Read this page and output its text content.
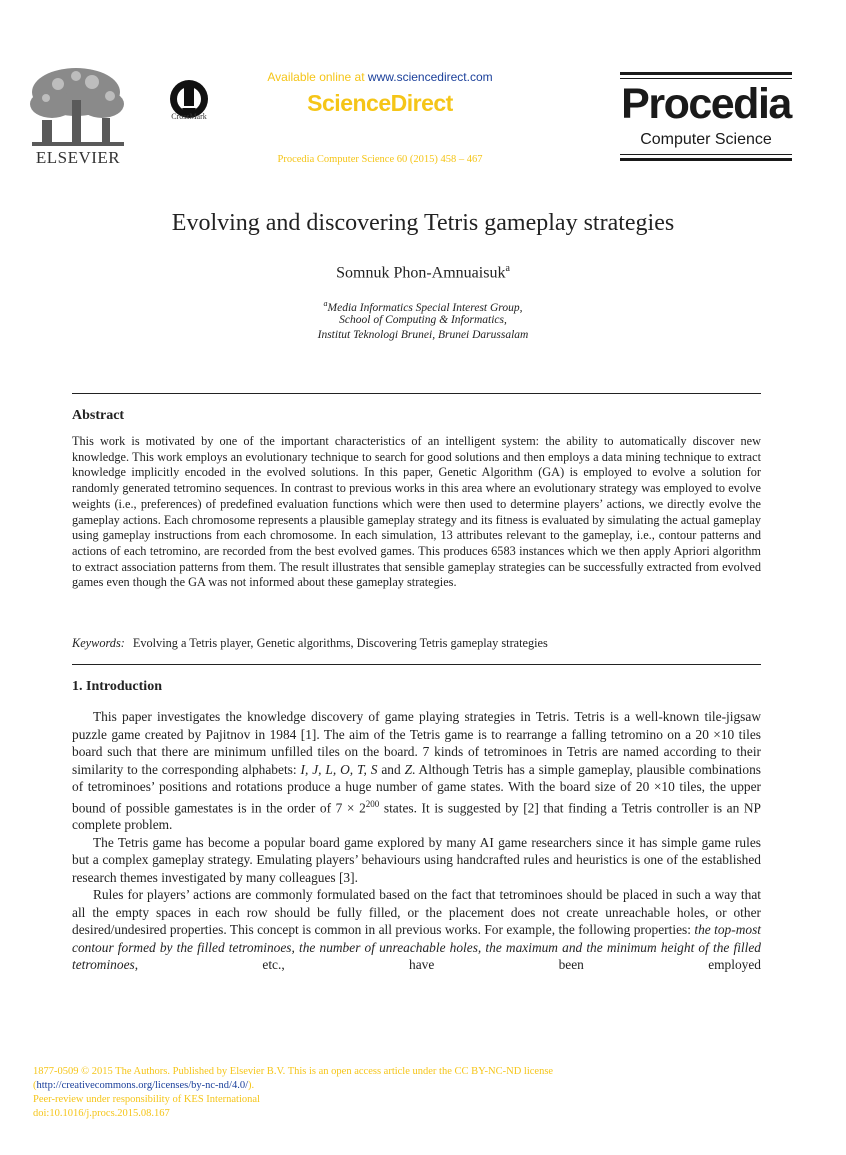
ELSEVIER
CrossMark
Available online at www.sciencedirect.com
ScienceDirect
Procedia Computer Science 60 (2015) 458 – 467
Procedia
Computer Science
Evolving and discovering Tetris gameplay strategies
Somnuk Phon-Amnuaisuk$^a$
$^a$Media Informatics Special Interest Group,
School of Computing & Informatics,
Institut Teknologi Brunei, Brunei Darussalam
Abstract

This work is motivated by one of the important characteristics of an intelligent system: the ability to automatically discover new knowledge. This work employs an evolutionary technique to search for good solutions and then employs a data mining technique to extract knowledge implicitly encoded in the evolved solutions. In this paper, Genetic Algorithm (GA) is employed to evolve a solution for randomly generated tetromino sequences. In contrast to previous works in this area where an evolutionary strategy was employed to evolve weights (i.e., preferences) of predefined evaluation functions which were then used to determine players’ actions, we directly evolve the gameplay actions. Each chromosome represents a plausible gameplay strategy and its fitness is evaluated by simulating the actual gameplay using gameplay instructions from each chromosome. In each simulation, 13 attributes relevant to the gameplay, i.e., contour patterns and actions of each tetromino, are recorded from the best evolved games. This produces 6583 instances which we then apply Apriori algorithm to extract association patterns from them. The result illustrates that sensible gameplay strategies can be successfully extracted from evolved games even though the GA was not informed about these gameplay strategies.

Keywords: Evolving a Tetris player, Genetic algorithms, Discovering Tetris gameplay strategies
1. Introduction

This paper investigates the knowledge discovery of game playing strategies in Tetris. Tetris is a well-known tile-jigsaw puzzle game created by Pajitnov in 1984 [1]. The aim of the Tetris game is to rearrange a falling tetromino on a 20 ×10 tiles board such that there are minimum unfilled tiles on the board. 7 kinds of tetrominoes in Tetris are named according to their similarity to the corresponding alphabets: I, J, L, O, T, S and Z. Although Tetris has a simple gameplay, plausible combinations of tetrominoes’ positions and rotations produce a huge number of game states. With the board size of 20 ×10 tiles, the upper bound of possible gamestates is in the order of $7 \times 2^{200}$ states. It is suggested by [2] that finding a Tetris controller is an NP complete problem.

The Tetris game has become a popular board game explored by many AI game researchers since it has simple game rules but a complex gameplay strategy. Emulating players’ behaviours using handcrafted rules and heuristics is one of the established research themes investigated by many colleagues [3].

Rules for players’ actions are commonly formulated based on the fact that tetrominoes should be placed in such a way that all the empty spaces in each row should be fully filled, or the placement does not create unreachable holes, or other desired/undesired properties. This concept is common in all previous works. For example, the following properties: the top-most contour formed by the filled tetrominoes, the number of unreachable holes, the maximum and the minimum height of the filled tetrominoes, etc., have been employed

1877-0509 © 2015 The Authors. Published by Elsevier B.V. This is an open access article under the CC BY-NC-ND license
(http://creativecommons.org/licenses/by-nc-nd/4.0/).
Peer-review under responsibility of KES International
doi:10.1016/j.procs.2015.08.167
